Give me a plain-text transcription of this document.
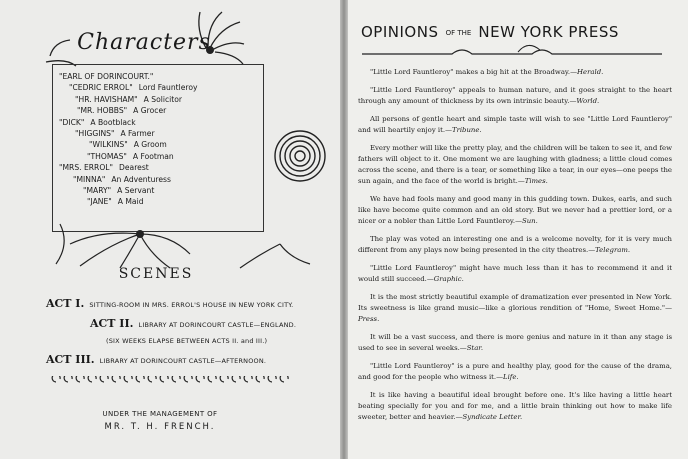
Characters
"EARL OF DORINCOURT."
"CEDRIC ERROL" Lord Fauntleroy
"HR. HAVISHAM" A Solicitor
"MR. HOBBS" A Grocer
"DICK" A Bootblack
"HIGGINS" A Farmer
"WILKINS" A Groom
"THOMAS" A Footman
"MRS. ERROL" Dearest
"MINNA" An Adventuress
"MARY" A Servant
"JANE" A Maid
SCENES
ACT I. SITTING-ROOM IN MRS. ERROL'S HOUSE IN NEW YORK CITY.
ACT II. LIBRARY AT DORINCOURT CASTLE—ENGLAND.
(SIX WEEKS ELAPSE BETWEEN ACTS II. and III.)
ACT III. LIBRARY AT DORINCOURT CASTLE—AFTERNOON.
UNDER THE MANAGEMENT OF
MR. T. H. FRENCH.
OPINIONS OF THE NEW YORK PRESS

"Little Lord Fauntleroy" makes a big hit at the Broadway.—Herald.

"Little Lord Fauntleroy" appeals to human nature, and it goes straight to the heart through any amount of thickness by its own intrinsic beauty.—World.

All persons of gentle heart and simple taste will wish to see "Little Lord Fauntleroy" and will heartily enjoy it.—Tribune.

Every mother will like the pretty play, and the children will be taken to see it, and few fathers will object to it. One moment we are laughing with gladness; a little cloud comes across the scene, and there is a tear, or something like a tear, in our eyes—one peeps the sun again, and the face of the world is bright.—Times.

We have had fools many and good many in this gudding town. Dukes, earls, and such like have become quite common and an old story. But we never had a prettier lord, or a nicer or a nobler than Little Lord Fauntleroy.—Sun.

The play was voted an interesting one and is a welcome novelty, for it is very much different from any plays now being presented in the city theatres.—Telegram.

"Little Lord Fauntleroy" might have much less than it has to recommend it and it would still succeed.—Graphic.

It is the most strictly beautiful example of dramatization ever presented in New York. Its sweetness is like grand music—like a glorious rendition of "Home, Sweet Home."—Press.

It will be a vast success, and there is more genius and nature in it than any stage is used to see in several weeks.—Star.

"Little Lord Fauntleroy" is a pure and healthy play, good for the cause of the drama, and good for the people who witness it.—Life.

It is like having a beautiful ideal brought before one. It's like having a little heart beating specially for you and for me, and a little brain thinking out how to make life sweeter, better and heavier.—Syndicate Letter.
